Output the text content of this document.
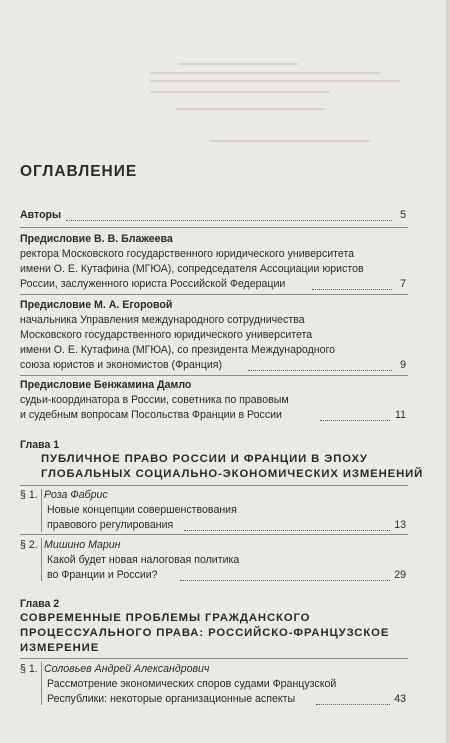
ОГЛАВЛЕНИЕ
Авторы	5
Предисловие В. В. Блажеева
ректора Московского государственного юридического университета
имени О. Е. Кутафина (МГЮА), сопредседателя Ассоциации юристов
России, заслуженного юриста Российской Федерации	7
Предисловие М. А. Егоровой
начальника Управления международного сотрудничества
Московского государственного юридического университета
имени О. Е. Кутафина (МГЮА), со президента Международного
союза юристов и экономистов (Франция)	9
Предисловие Бенжамина Дамло
судьи-координатора в России, советника по правовым
и судебным вопросам Посольства Франции в России	11
Глава 1
ПУБЛИЧНОЕ ПРАВО РОССИИ И ФРАНЦИИ В ЭПОХУ
ГЛОБАЛЬНЫХ СОЦИАЛЬНО-ЭКОНОМИЧЕСКИХ ИЗМЕНЕНИЙ
§ 1. Роза Фабрис
Новые концепции совершенствования
правового регулирования	13
§ 2. Мишино Марин
Какой будет новая налоговая политика
во Франции и России?	29
Глава 2
СОВРЕМЕННЫЕ ПРОБЛЕМЫ ГРАЖДАНСКОГО
ПРОЦЕССУАЛЬНОГО ПРАВА: РОССИЙСКО-ФРАНЦУЗСКОЕ
ИЗМЕРЕНИЕ
§ 1. Соловьев Андрей Александрович
Рассмотрение экономических споров судами Французской
Республики: некоторые организационные аспекты	43
